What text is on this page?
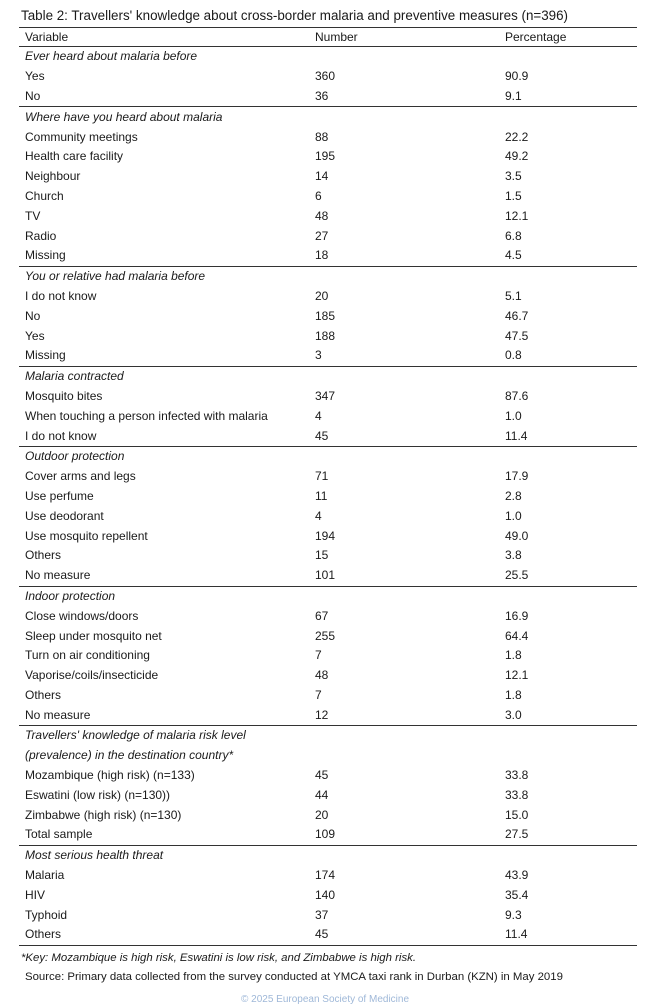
Table 2: Travellers' knowledge about cross-border malaria and preventive measures (n=396)
Variable	Number	Percentage
Ever heard about malaria before		
Yes	360	90.9
No	36	9.1
Where have you heard about malaria		
Community meetings	88	22.2
Health care facility	195	49.2
Neighbour	14	3.5
Church	6	1.5
TV	48	12.1
Radio	27	6.8
Missing	18	4.5
You or relative had malaria before		
I do not know	20	5.1
No	185	46.7
Yes	188	47.5
Missing	3	0.8
Malaria contracted		
Mosquito bites	347	87.6
When touching a person infected with malaria	4	1.0
I do not know	45	11.4
Outdoor protection		
Cover arms and legs	71	17.9
Use perfume	11	2.8
Use deodorant	4	1.0
Use mosquito repellent	194	49.0
Others	15	3.8
No measure	101	25.5
Indoor protection		
Close windows/doors	67	16.9
Sleep under mosquito net	255	64.4
Turn on air conditioning	7	1.8
Vaporise/coils/insecticide	48	12.1
Others	7	1.8
No measure	12	3.0
Travellers' knowledge of malaria risk level		
(prevalence) in the destination country*		
Mozambique (high risk) (n=133)	45	33.8
Eswatini (low risk) (n=130))	44	33.8
Zimbabwe (high risk) (n=130)	20	15.0
Total sample	109	27.5
Most serious health threat		
Malaria	174	43.9
HIV	140	35.4
Typhoid	37	9.3
Others	45	11.4
*Key: Mozambique is high risk, Eswatini is low risk, and Zimbabwe is high risk.
Source: Primary data collected from the survey conducted at YMCA taxi rank in Durban (KZN) in May 2019
© 2025 European Society of Medicine
